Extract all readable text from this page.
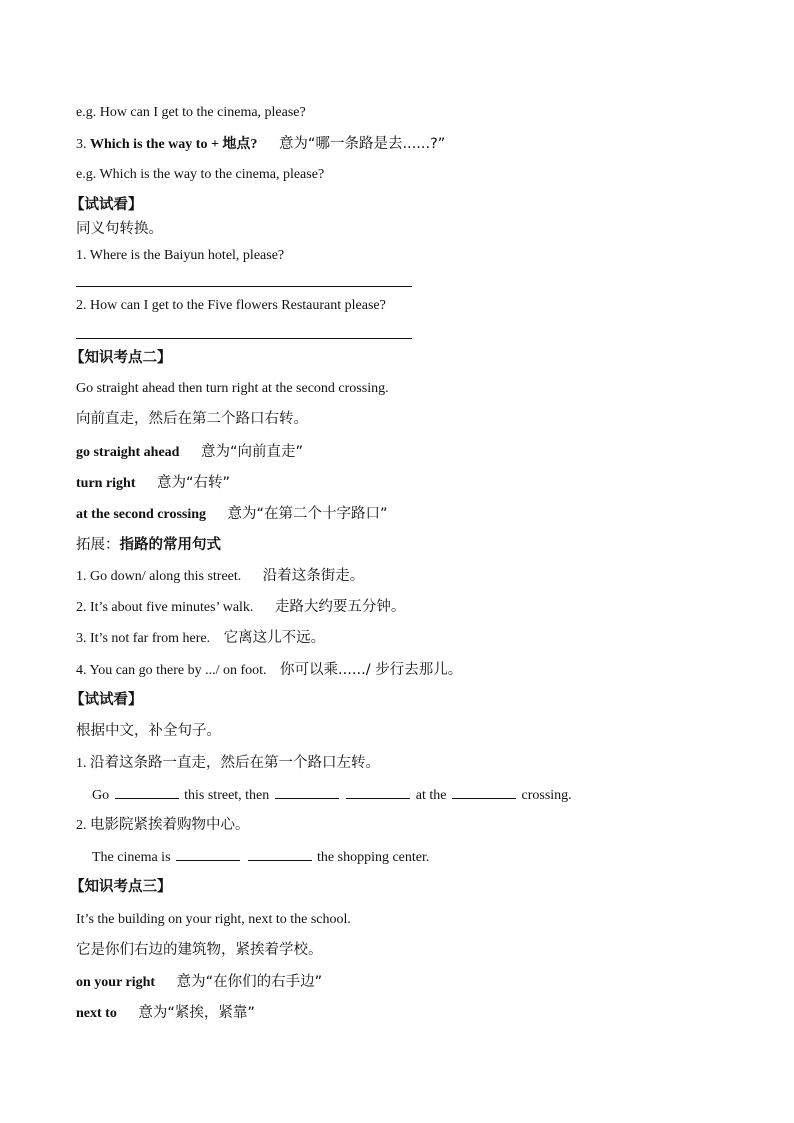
e.g. How can I get to the cinema, please?
3. Which is the way to + 地点? 意为“哪一条路是去......?”
e.g. Which is the way to the cinema, please?
【试试看】
同义句转换。
1. Where is the Baiyun hotel, please?
2. How can I get to the Five flowers Restaurant please?
【知识考点二】
Go straight ahead then turn right at the second crossing.
向前直走，然后在第二个路口右转。
go straight ahead 意为“向前直走”
turn right 意为“右转”
at the second crossing 意为“在第二个十字路口”
拓展：指路的常用句式
1. Go down/ along this street. 沿着这条街走。
2. It’s about five minutes’ walk. 走路大约要五分钟。
3. It’s not far from here. 它离这儿不远。
4. You can go there by .../ on foot. 你可以乘....../ 步行去那儿。
【试试看】
根据中文，补全句子。
1. 沿着这条路一直走，然后在第一个路口左转。
Go	this street, then	at the	crossing.
2. 电影院紧挨着购物中心。
The cinema is	the shopping center.
【知识考点三】
It’s the building on your right, next to the school.
它是你们右边的建筑物，紧挨着学校。
on your right 意为“在你们的右手边”
next to 意为“紧挨，紧靠”
